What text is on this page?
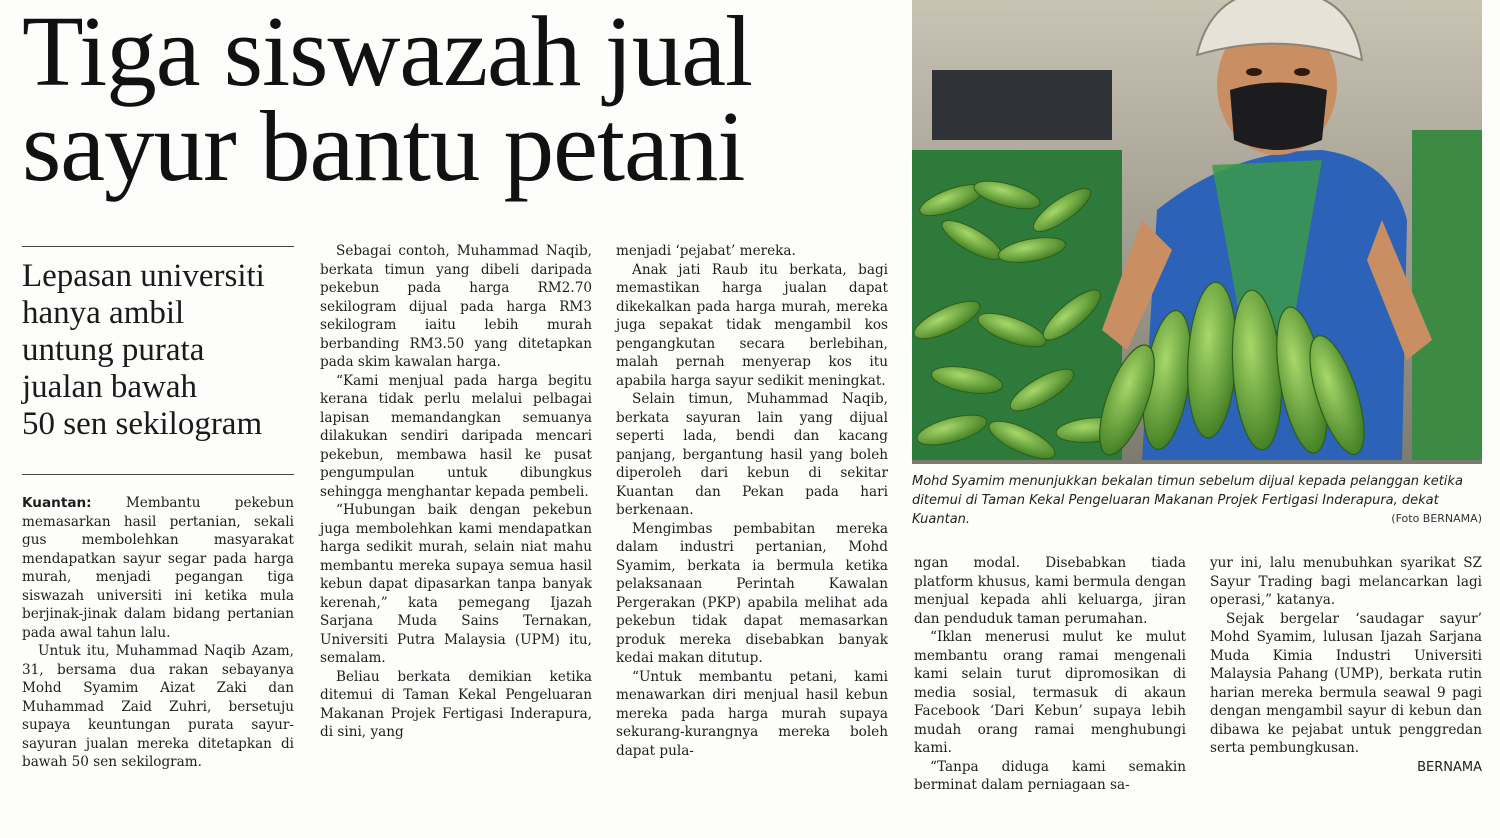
Tiga siswazah jual
sayur bantu petani
Lepasan universiti
hanya ambil
untung purata
jualan bawah
50 sen sekilogram

Kuantan:	Membantu pekebun memasarkan hasil pertanian, sekali gus membolehkan masyarakat mendapatkan sayur segar pada harga murah, menjadi pegangan tiga siswazah universiti ini ketika mula berjinak-jinak dalam bidang pertanian pada awal tahun lalu.

Untuk itu, Muhammad Naqib Azam, 31, bersama dua rakan sebayanya Mohd Syamim Aizat Zaki dan Muhammad Zaid Zuhri, bersetuju supaya keuntungan purata sayur-sayuran jualan mereka ditetapkan di bawah 50 sen sekilogram.

Sebagai contoh, Muhammad Naqib, berkata timun yang dibeli daripada pekebun pada harga RM2.70 sekilogram dijual pada harga RM3 sekilogram iaitu lebih murah berbanding RM3.50 yang ditetapkan pada skim kawalan harga.

“Kami menjual pada harga begitu kerana tidak perlu melalui pelbagai lapisan memandangkan semuanya dilakukan sendiri daripada mencari pekebun, membawa hasil ke pusat pengumpulan untuk dibungkus sehingga menghantar kepada pembeli.

“Hubungan baik dengan pekebun juga membolehkan kami mendapatkan harga sedikit murah, selain niat mahu membantu mereka supaya semua hasil kebun dapat dipasarkan tanpa banyak kerenah,” kata pemegang Ijazah Sarjana Muda Sains Ternakan, Universiti Putra Malaysia (UPM) itu, semalam.

Beliau berkata demikian ketika ditemui di Taman Kekal Pengeluaran Makanan Projek Fertigasi Inderapura, di sini, yang

menjadi ‘pejabat’ mereka.

Anak jati Raub itu berkata, bagi memastikan harga jualan dapat dikekalkan pada harga murah, mereka juga sepakat tidak mengambil kos pengangkutan secara berlebihan, malah pernah menyerap kos itu apabila harga sayur sedikit meningkat.

Selain timun, Muhammad Naqib, berkata sayuran lain yang dijual seperti lada, bendi dan kacang panjang, bergantung hasil yang boleh diperoleh dari kebun di sekitar Kuantan dan Pekan pada hari berkenaan.

Mengimbas pembabitan mereka dalam industri pertanian, Mohd Syamim, berkata ia bermula ketika pelaksanaan Perintah Kawalan Pergerakan (PKP) apabila melihat ada pekebun tidak dapat memasarkan produk mereka disebabkan banyak kedai makan ditutup.

“Untuk membantu petani, kami menawarkan diri menjual hasil kebun mereka pada harga murah supaya sekurang-kurangnya mereka boleh dapat pula-

Mohd Syamim menunjukkan bekalan timun sebelum dijual kepada pelanggan ketika ditemui di Taman Kekal Pengeluaran Makanan Projek Fertigasi Inderapura, dekat Kuantan.	(Foto BERNAMA)

ngan modal. Disebabkan tiada platform khusus, kami bermula dengan menjual kepada ahli keluarga, jiran dan penduduk taman perumahan.

“Iklan menerusi mulut ke mulut membantu orang ramai mengenali kami selain turut dipromosikan di media sosial, termasuk di akaun Facebook ‘Dari Kebun’ supaya lebih mudah orang ramai menghubungi kami.

“Tanpa diduga kami semakin berminat dalam perniagaan sa-

yur ini, lalu menubuhkan syarikat SZ Sayur Trading bagi melancarkan lagi operasi,” katanya.

Sejak bergelar ‘saudagar sayur’ Mohd Syamim, lulusan Ijazah Sarjana Muda Kimia Industri Universiti Malaysia Pahang (UMP), berkata rutin harian mereka bermula seawal 9 pagi dengan mengambil sayur di kebun dan dibawa ke pejabat untuk penggredan serta pembungkusan.

BERNAMA
